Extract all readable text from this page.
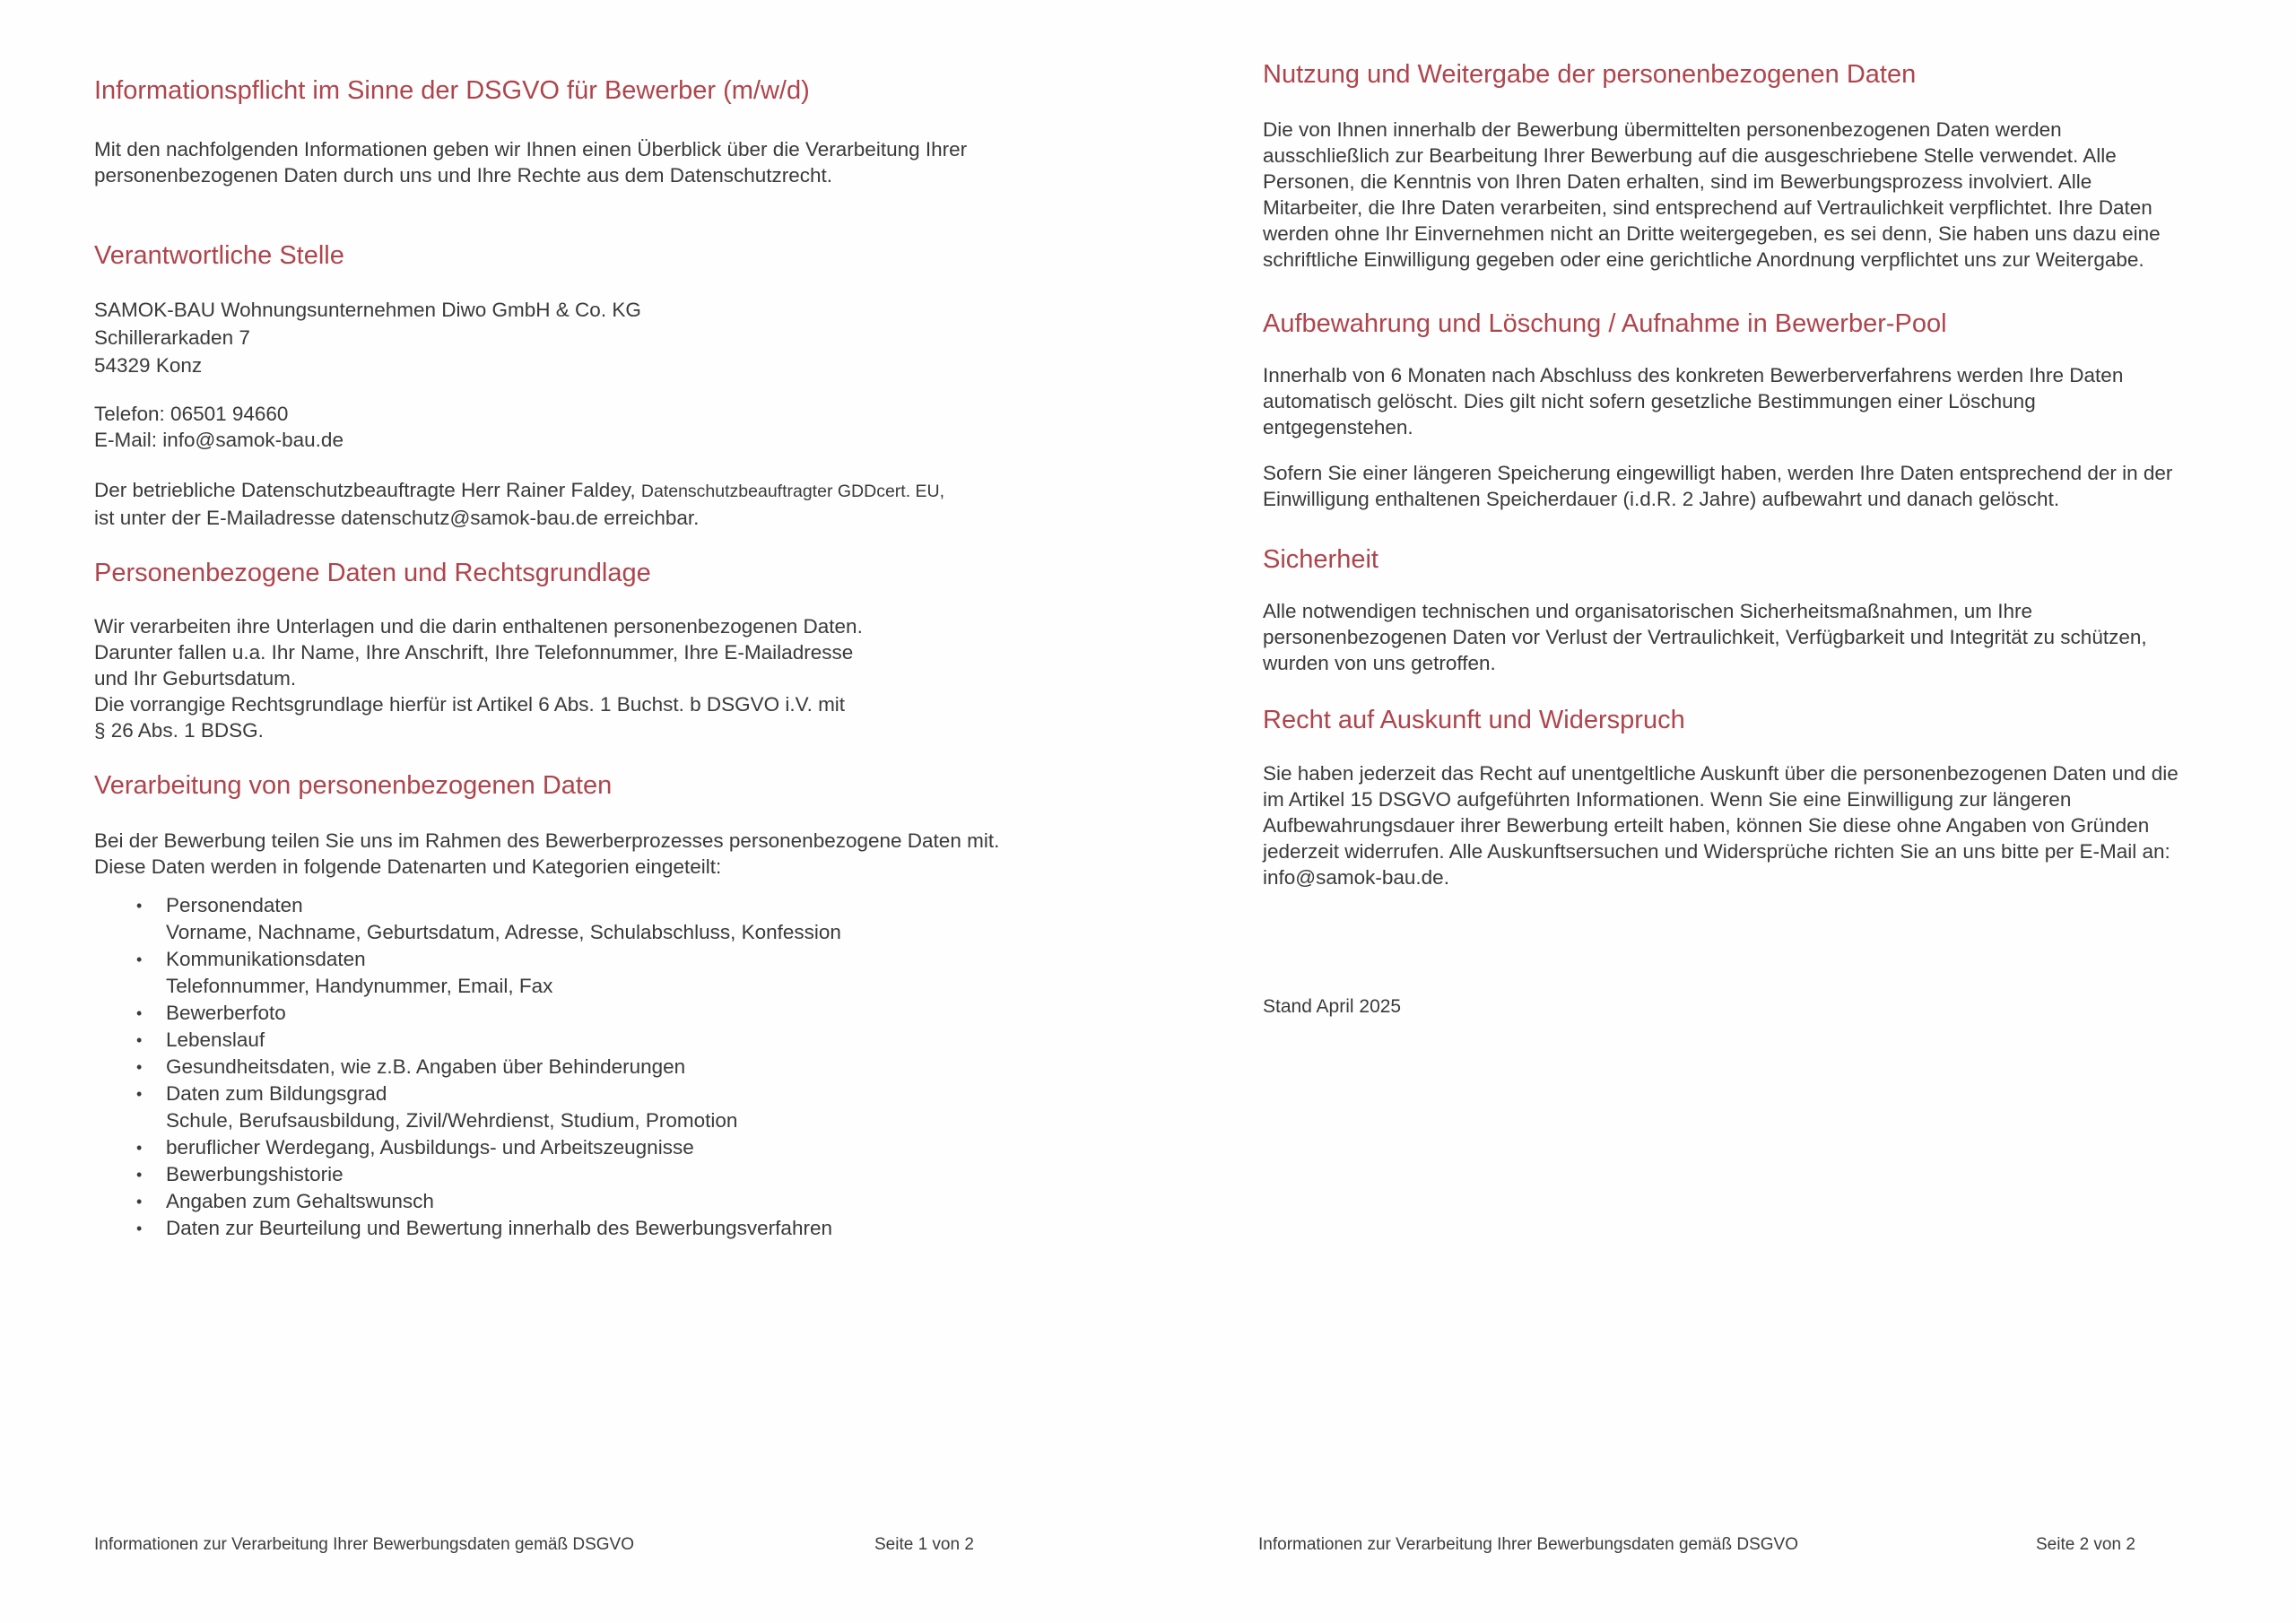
Informationspflicht im Sinne der DSGVO für Bewerber (m/w/d)
Mit den nachfolgenden Informationen geben wir Ihnen einen Überblick über die Verarbeitung Ihrer
personenbezogenen Daten durch uns und Ihre Rechte aus dem Datenschutzrecht.
Verantwortliche Stelle
SAMOK-BAU Wohnungsunternehmen Diwo GmbH & Co. KG
Schillerarkaden 7
54329 Konz
Telefon: 06501 94660
E-Mail: info@samok-bau.de
Der betriebliche Datenschutzbeauftragte Herr Rainer Faldey, Datenschutzbeauftragter GDDcert. EU,
ist unter der E-Mailadresse datenschutz@samok-bau.de erreichbar.
Personenbezogene Daten und Rechtsgrundlage
Wir verarbeiten ihre Unterlagen und die darin enthaltenen personenbezogenen Daten.
Darunter fallen u.a. Ihr Name, Ihre Anschrift, Ihre Telefonnummer, Ihre E-Mailadresse
und Ihr Geburtsdatum.
Die vorrangige Rechtsgrundlage hierfür ist Artikel 6 Abs. 1 Buchst. b DSGVO i.V. mit
§ 26 Abs. 1 BDSG.
Verarbeitung von personenbezogenen Daten
Bei der Bewerbung teilen Sie uns im Rahmen des Bewerberprozesses personenbezogene Daten mit.
Diese Daten werden in folgende Datenarten und Kategorien eingeteilt:
• Personendaten
Vorname, Nachname, Geburtsdatum, Adresse, Schulabschluss, Konfession
• Kommunikationsdaten
Telefonnummer, Handynummer, Email, Fax
• Bewerberfoto
• Lebenslauf
• Gesundheitsdaten, wie z.B. Angaben über Behinderungen
• Daten zum Bildungsgrad
Schule, Berufsausbildung, Zivil/Wehrdienst, Studium, Promotion
• beruflicher Werdegang, Ausbildungs- und Arbeitszeugnisse
• Bewerbungshistorie
• Angaben zum Gehaltswunsch
• Daten zur Beurteilung und Bewertung innerhalb des Bewerbungsverfahren
Informationen zur Verarbeitung Ihrer Bewerbungsdaten gemäß DSGVO	Seite 1 von 2
Nutzung und Weitergabe der personenbezogenen Daten
Die von Ihnen innerhalb der Bewerbung übermittelten personenbezogenen Daten werden
ausschließlich zur Bearbeitung Ihrer Bewerbung auf die ausgeschriebene Stelle verwendet. Alle
Personen, die Kenntnis von Ihren Daten erhalten, sind im Bewerbungsprozess involviert. Alle
Mitarbeiter, die Ihre Daten verarbeiten, sind entsprechend auf Vertraulichkeit verpflichtet. Ihre Daten
werden ohne Ihr Einvernehmen nicht an Dritte weitergegeben, es sei denn, Sie haben uns dazu eine
schriftliche Einwilligung gegeben oder eine gerichtliche Anordnung verpflichtet uns zur Weitergabe.
Aufbewahrung und Löschung / Aufnahme in Bewerber-Pool
Innerhalb von 6 Monaten nach Abschluss des konkreten Bewerberverfahrens werden Ihre Daten
automatisch gelöscht. Dies gilt nicht sofern gesetzliche Bestimmungen einer Löschung
entgegenstehen.
Sofern Sie einer längeren Speicherung eingewilligt haben, werden Ihre Daten entsprechend der in der
Einwilligung enthaltenen Speicherdauer (i.d.R. 2 Jahre) aufbewahrt und danach gelöscht.
Sicherheit
Alle notwendigen technischen und organisatorischen Sicherheitsmaßnahmen, um Ihre
personenbezogenen Daten vor Verlust der Vertraulichkeit, Verfügbarkeit und Integrität zu schützen,
wurden von uns getroffen.
Recht auf Auskunft und Widerspruch
Sie haben jederzeit das Recht auf unentgeltliche Auskunft über die personenbezogenen Daten und die
im Artikel 15 DSGVO aufgeführten Informationen. Wenn Sie eine Einwilligung zur längeren
Aufbewahrungsdauer ihrer Bewerbung erteilt haben, können Sie diese ohne Angaben von Gründen
jederzeit widerrufen. Alle Auskunftsersuchen und Widersprüche richten Sie an uns bitte per E-Mail an:
info@samok-bau.de.
Stand April 2025
Informationen zur Verarbeitung Ihrer Bewerbungsdaten gemäß DSGVO	Seite 2 von 2
